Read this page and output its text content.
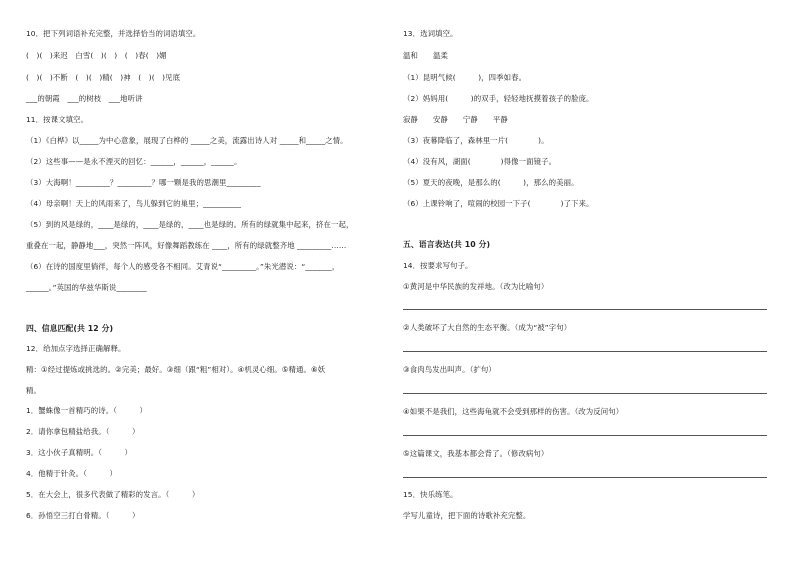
10．把下列词语补充完整，并选择恰当的词语填空。
(　)(　)来迟　白雪(　)(　)　(　)春(　)媚
(　)(　)不断　(　)(　)精(　)神　(　)(　)见底
___的朝霞　___的树枝　___地听讲
11．按课文填空。
（1）《白桦》以_____为中心意象，展现了白桦的 _____之美，流露出诗人对 _____和_____之情。
（2）这些事——是永不湮灭的回忆：______，______，______。
（3）大海啊！_________？_________？哪一颗是我的思潮里_________
（4）母亲啊！天上的风雨来了，鸟儿躲到它的巢里；__________
（5）到的风是绿的，____是绿的，____是绿的，____也是绿的。所有的绿就集中起来，挤在一起，
重叠在一起，静静地___，突然一阵风，好像舞蹈教练在 ____，所有的绿就整齐地 _________……
（6）在诗的国度里徜徉，每个人的感受各不相同。艾青说“_________。”朱光潜说：“_______，
______。”英国的华兹华斯说________
四、信息匹配(共 12 分)
12．给加点字选择正确解释。
精：①经过提炼或挑选的。②完美；最好。③细（跟“粗”相对）。④机灵心细。⑤精通。⑥妖
精。
1．蟹蛛像一首精巧的诗。（　　　）
2．请你拿包精盐给我。（　　　）
3．这小伙子真精明。（　　　）
4．他精于针灸。（　　　）
5．在大会上，很多代表做了精彩的发言。（　　　）
6．孙悟空三打白骨精。（　　　）
13．选词填空。
温和　　温柔
（1）昆明气候(　　　)，四季如春。
（2）妈妈用(　　　)的双手，轻轻地抚摸着孩子的脸庞。
寂静　　安静　　宁静　　平静
（3）夜幕降临了，森林里一片(　　　　)。
（4）没有风，湖面(　　　　)得像一面镜子。
（5）夏天的夜晚，是那么的(　　　)，那么的美丽。
（6）上课铃响了，喧闹的校园一下子(　　　　)了下来。
五、语言表达(共 10 分)
14．按要求写句子。
①黄河是中华民族的发祥地。（改为比喻句）
②人类破坏了大自然的生态平衡。（成为“被”字句）
③食肉鸟发出叫声。（扩句）
④如果不是我们，这些海龟就不会受到那样的伤害。（改为反问句）
⑤这篇课文，我基本都会背了。（修改病句）
15．快乐练笔。
学写儿童诗，把下面的诗歌补充完整。
